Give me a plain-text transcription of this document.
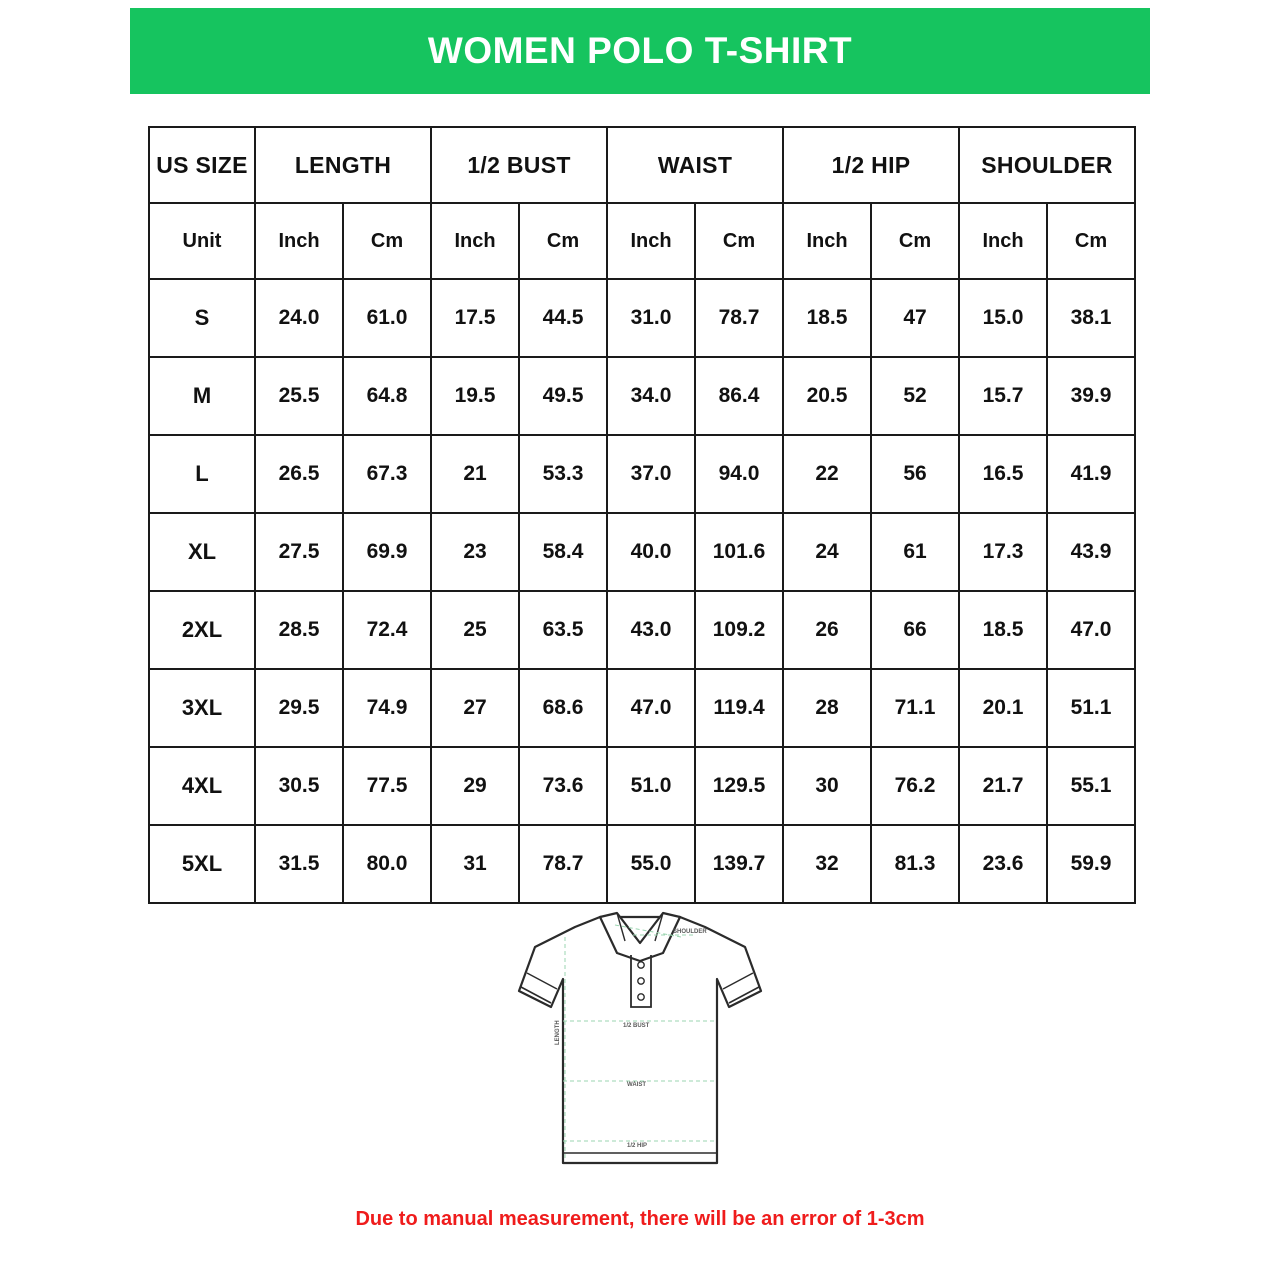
WOMEN POLO T-SHIRT
US SIZE	LENGTH		1/2 BUST		WAIST		1/2 HIP		SHOULDER	
Unit	Inch	Cm	Inch	Cm	Inch	Cm	Inch	Cm	Inch	Cm
S	24.0	61.0	17.5	44.5	31.0	78.7	18.5	47	15.0	38.1
M	25.5	64.8	19.5	49.5	34.0	86.4	20.5	52	15.7	39.9
L	26.5	67.3	21	53.3	37.0	94.0	22	56	16.5	41.9
XL	27.5	69.9	23	58.4	40.0	101.6	24	61	17.3	43.9
2XL	28.5	72.4	25	63.5	43.0	109.2	26	66	18.5	47.0
3XL	29.5	74.9	27	68.6	47.0	119.4	28	71.1	20.1	51.1
4XL	30.5	77.5	29	73.6	51.0	129.5	30	76.2	21.7	55.1
5XL	31.5	80.0	31	78.7	55.0	139.7	32	81.3	23.6	59.9
SHOULDER
1/2 BUST
WAIST
1/2 HIP
LENGTH
Due to manual measurement, there will be an error of 1-3cm
